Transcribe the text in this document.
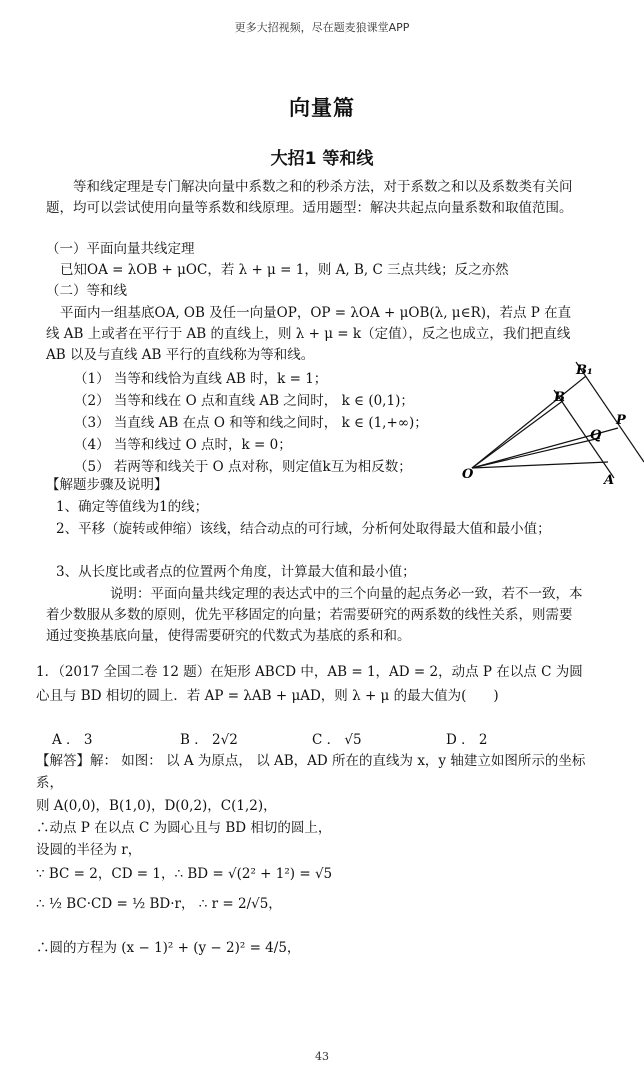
更多大招视频，尽在题麦狼课堂APP
向量篇
大招1 等和线
等和线定理是专门解决向量中系数之和的秒杀方法，对于系数之和以及系数类有关问题，均可以尝试使用向量等系数和线原理。适用题型：解决共起点向量系数和取值范围。
（一）平面向量共线定理
已知OA = λOB + μOC，若 λ + μ = 1，则 A, B, C 三点共线；反之亦然
（二）等和线
平面内一组基底OA, OB 及任一向量OP，OP = λOA + μOB(λ, μ∈R)，若点 P 在直线 AB 上或者在平行于 AB 的直线上，则 λ + μ = k（定值），反之也成立，我们把直线 AB 以及与直线 AB 平行的直线称为等和线。
（1） 当等和线恰为直线 AB 时，k = 1；
（2） 当等和线在 O 点和直线 AB 之间时， k ∈ (0,1)；
（3） 当直线 AB 在点 O 和等和线之间时， k ∈ (1,+∞)；
（4） 当等和线过 O 点时，k = 0；
（5） 若两等和线关于 O 点对称，则定值k互为相反数；	O	A
B
B₁
Q
P
【解题步骤及说明】
1、确定等值线为1的线；
2、平移（旋转或伸缩）该线，结合动点的可行域，分析何处取得最大值和最小值；
3、从长度比或者点的位置两个角度，计算最大值和最小值；
说明：平面向量共线定理的表达式中的三个向量的起点务必一致，若不一致，本着少数服从多数的原则，优先平移固定的向量；若需要研究的两系数的线性关系，则需要通过变换基底向量，使得需要研究的代数式为基底的系和和。
1．（2017 全国二卷 12 题）在矩形 ABCD 中，AB = 1，AD = 2，动点 P 在以点 C 为圆心且与 BD 相切的圆上．若 AP = λAB + μAD，则 λ + μ 的最大值为(　　)
A ． 3	B ． 2√2	C ． √5	D ． 2
【解答】解： 如图： 以 A 为原点， 以 AB，AD 所在的直线为 x，y 轴建立如图所示的坐标系，
则 A(0,0)，B(1,0)，D(0,2)，C(1,2)，
∴动点 P 在以点 C 为圆心且与 BD 相切的圆上，
设圆的半径为 r，
∵ BC = 2，CD = 1，∴ BD = √(2² + 1²) = √5
∴ ½ BC·CD = ½ BD·r， ∴ r = 2/√5，
∴圆的方程为 (x − 1)² + (y − 2)² = 4/5，
43
